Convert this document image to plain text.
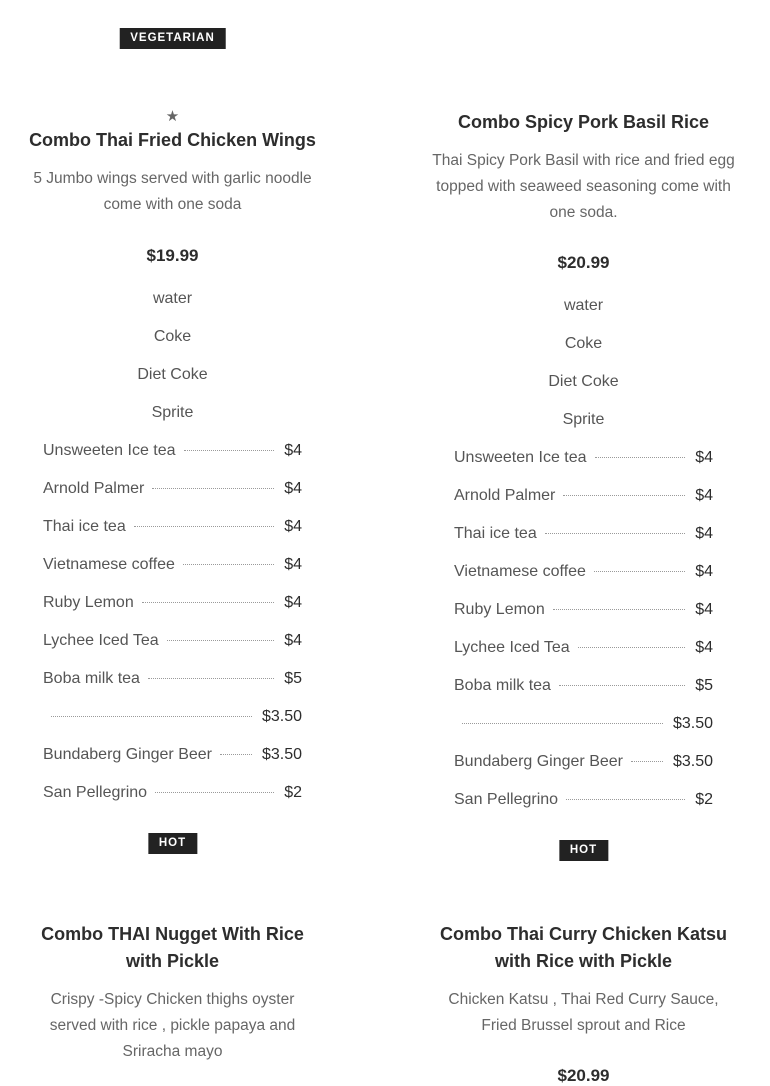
VEGETARIAN
★
Combo Thai Fried Chicken Wings
5 Jumbo wings served with garlic noodle come with one soda
$19.99
water
Coke
Diet Coke
Sprite
Unsweeten Ice tea	$4
Arnold Palmer	$4
Thai ice tea	$4
Vietnamese coffee	$4
Ruby Lemon	$4
Lychee Iced Tea	$4
Boba milk tea	$5
$3.50
Bundaberg Ginger Beer	$3.50
San Pellegrino	$2
HOT
Combo THAI Nugget With Rice with Pickle
Crispy -Spicy Chicken thighs oyster served with rice , pickle papaya and Sriracha mayo
Combo Spicy Pork Basil Rice
Thai Spicy Pork Basil with rice and fried egg topped with seaweed seasoning come with one soda.
$20.99
water
Coke
Diet Coke
Sprite
Unsweeten Ice tea	$4
Arnold Palmer	$4
Thai ice tea	$4
Vietnamese coffee	$4
Ruby Lemon	$4
Lychee Iced Tea	$4
Boba milk tea	$5
$3.50
Bundaberg Ginger Beer	$3.50
San Pellegrino	$2
HOT
Combo Thai Curry Chicken Katsu with Rice with Pickle
Chicken Katsu , Thai Red Curry Sauce, Fried Brussel sprout and Rice
$20.99
